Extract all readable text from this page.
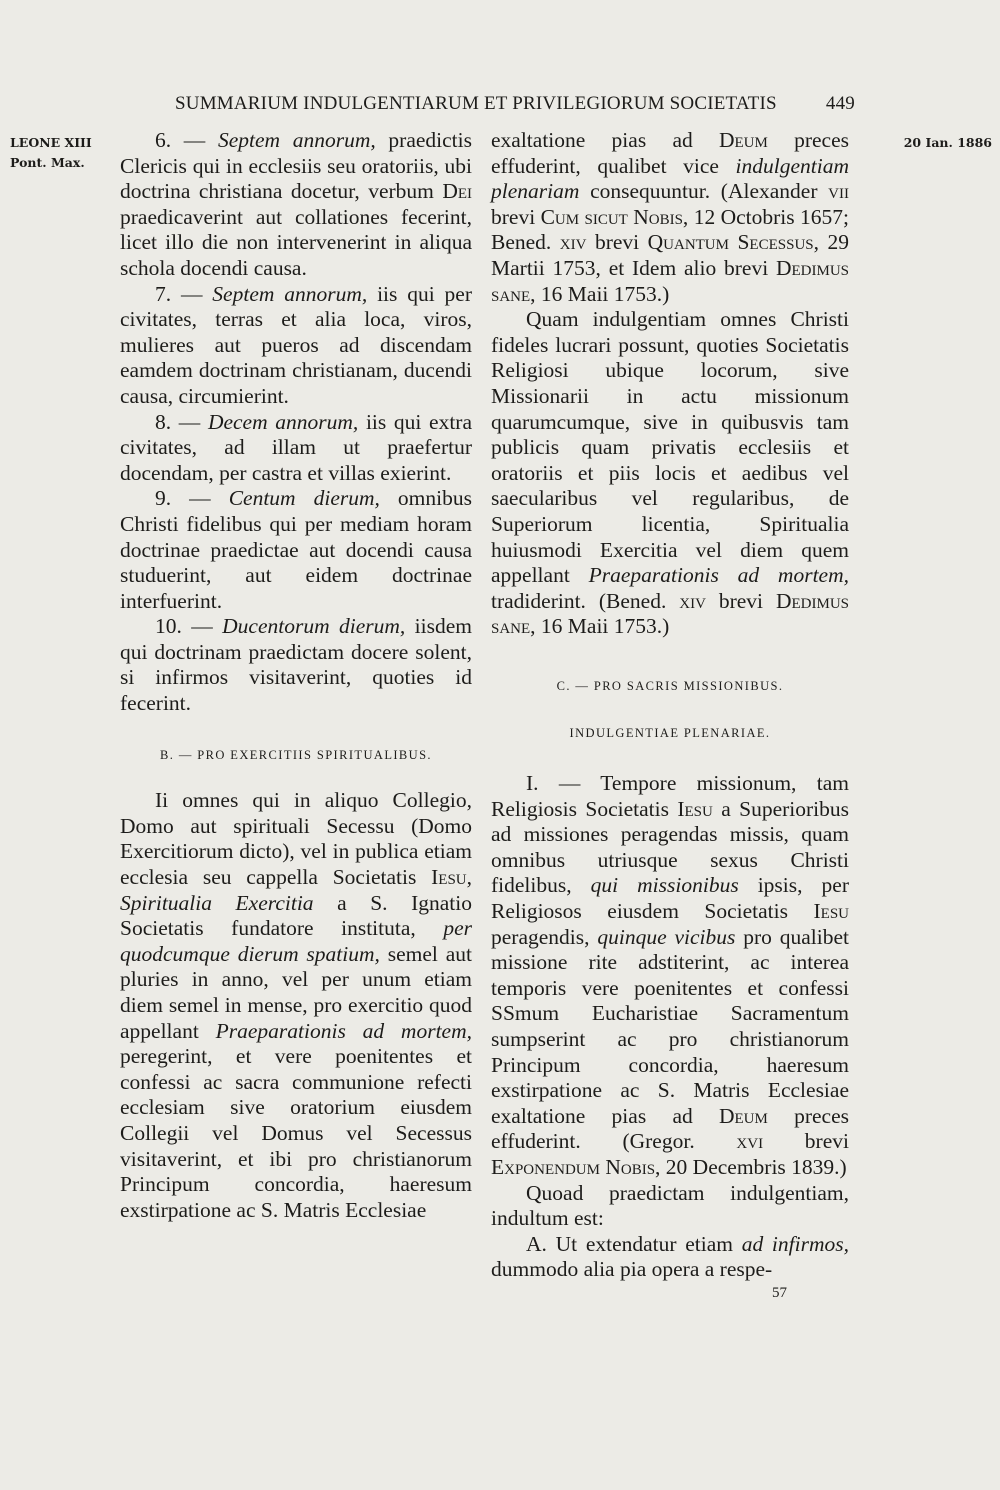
SUMMARIUM INDULGENTIARUM ET PRIVILEGIORUM SOCIETATIS	449
LEONE XIII
Pont. Max.
20 Ian. 1886

6. — Septem annorum, praedictis Clericis qui in ecclesiis seu oratoriis, ubi doctrina christiana docetur, verbum Dei praedicaverint aut collationes fecerint, licet illo die non intervenerint in aliqua schola docendi causa.

7. — Septem annorum, iis qui per civitates, terras et alia loca, viros, mulieres aut pueros ad discendam eamdem doctrinam christianam, ducendi causa, circumierint.

8. — Decem annorum, iis qui extra civitates, ad illam ut praefertur docendam, per castra et villas exierint.

9. — Centum dierum, omnibus Christi fidelibus qui per mediam horam doctrinae praedictae aut docendi causa studuerint, aut eidem doctrinae interfuerint.

10. — Ducentorum dierum, iisdem qui doctrinam praedictam docere solent, si infirmos visitaverint, quoties id fecerint.

B. — PRO EXERCITIIS SPIRITUALIBUS.

Ii omnes qui in aliquo Collegio, Domo aut spirituali Secessu (Domo Exercitiorum dicto), vel in publica etiam ecclesia seu cappella Societatis Iesu, Spiritualia Exercitia a S. Ignatio Societatis fundatore instituta, per quodcumque dierum spatium, semel aut pluries in anno, vel per unum etiam diem semel in mense, pro exercitio quod appellant Praeparationis ad mortem, peregerint, et vere poenitentes et confessi ac sacra communione refecti ecclesiam sive oratorium eiusdem Collegii vel Domus vel Secessus visitaverint, et ibi pro christianorum Principum concordia, haeresum exstirpatione ac S. Matris Ecclesiae

exaltatione pias ad Deum preces effuderint, qualibet vice indulgentiam plenariam consequuntur. (Alexander vii brevi Cum sicut Nobis, 12 Octobris 1657; Bened. xiv brevi Quantum Secessus, 29 Martii 1753, et Idem alio brevi Dedimus sane, 16 Maii 1753.)

Quam indulgentiam omnes Christi fideles lucrari possunt, quoties Societatis Religiosi ubique locorum, sive Missionarii in actu missionum quarumcumque, sive in quibusvis tam publicis quam privatis ecclesiis et oratoriis et piis locis et aedibus vel saecularibus vel regularibus, de Superiorum licentia, Spiritualia huiusmodi Exercitia vel diem quem appellant Praeparationis ad mortem, tradiderint. (Bened. xiv brevi Dedimus sane, 16 Maii 1753.)

C. — PRO SACRIS MISSIONIBUS.

INDULGENTIAE PLENARIAE.

I. — Tempore missionum, tam Religiosis Societatis Iesu a Superioribus ad missiones peragendas missis, quam omnibus utriusque sexus Christi fidelibus, qui missionibus ipsis, per Religiosos eiusdem Societatis Iesu peragendis, quinque vicibus pro qualibet missione rite adstiterint, ac interea temporis vere poenitentes et confessi SSmum Eucharistiae Sacramentum sumpserint ac pro christianorum Principum concordia, haeresum exstirpatione ac S. Matris Ecclesiae exaltatione pias ad Deum preces effuderint. (Gregor. xvi brevi Exponendum Nobis, 20 Decembris 1839.)

Quoad praedictam indulgentiam, indultum est:

A. Ut extendatur etiam ad infirmos, dummodo alia pia opera a respe-

57
